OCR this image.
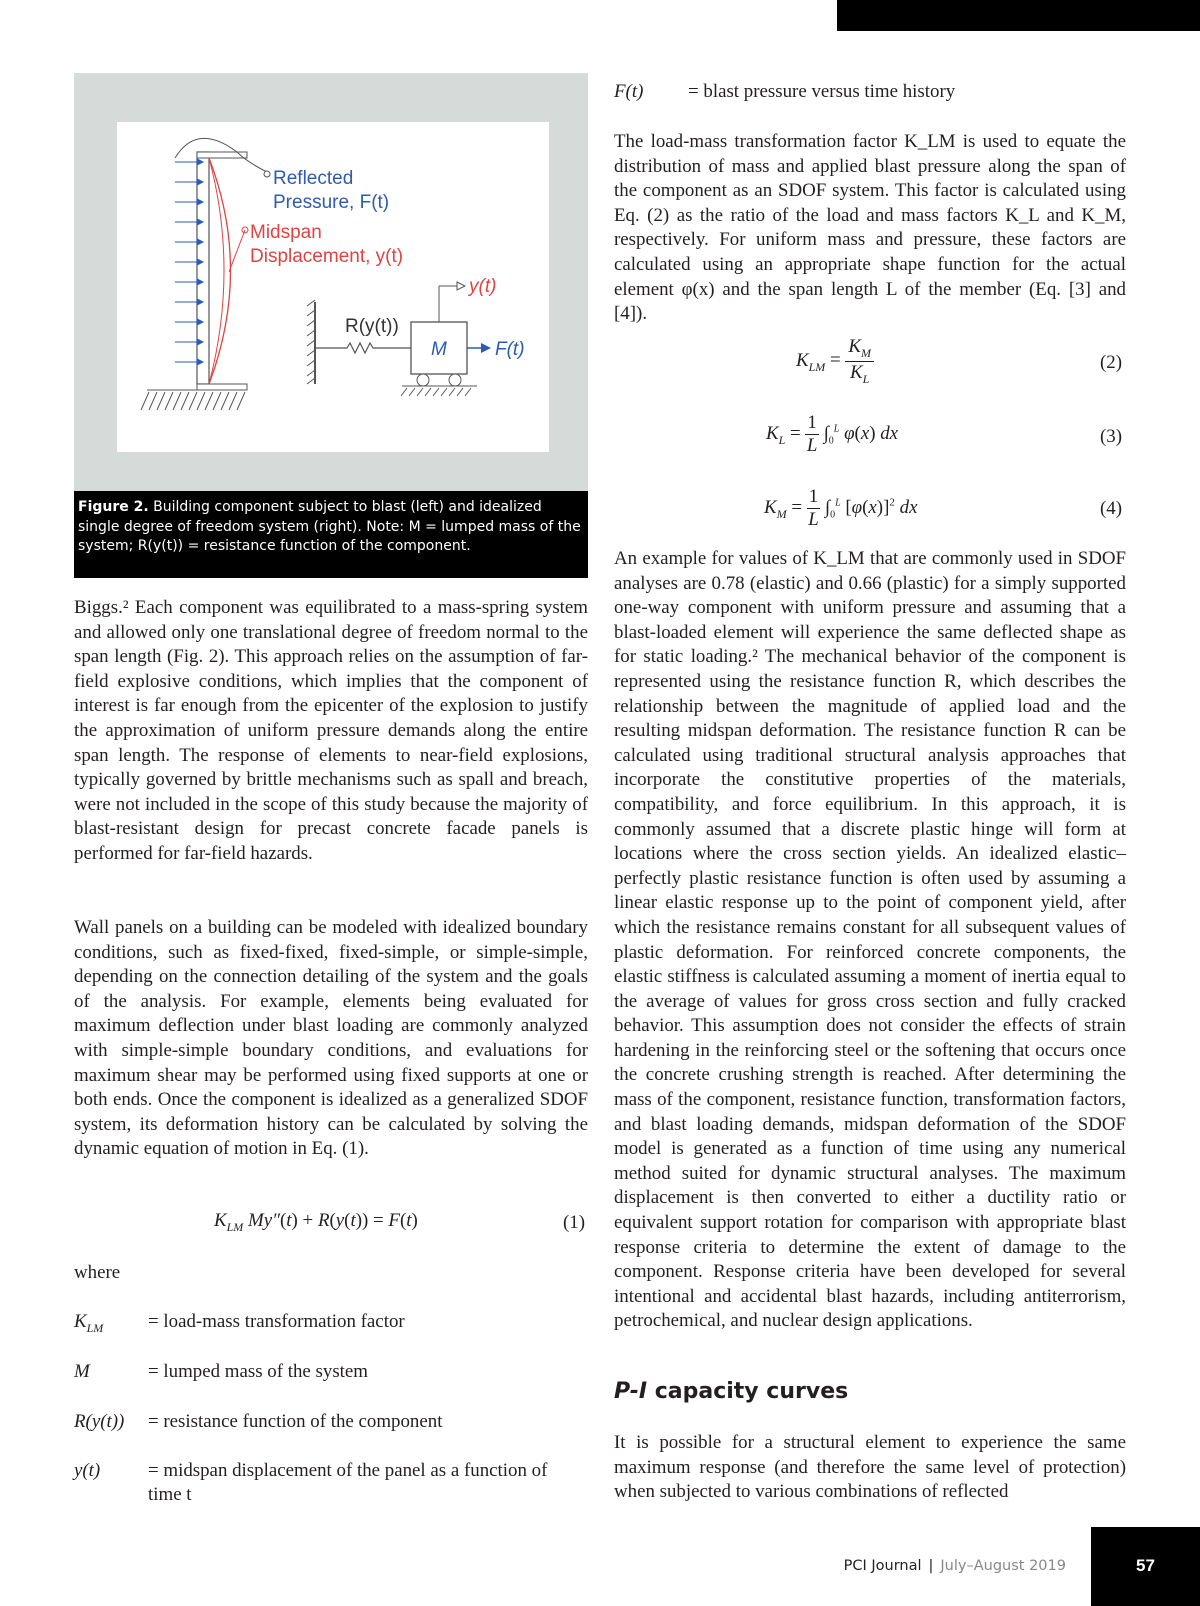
Reflected
Pressure, F(t)
Midspan
Displacement, y(t)
R(y(t))
M
y(t)
F(t)
Figure 2. Building component subject to blast (left) and idealized single degree of freedom system (right). Note: M = lumped mass of the system; R(y(t)) = resistance function of the component.

Biggs.² Each component was equilibrated to a mass-spring system and allowed only one translational degree of freedom normal to the span length (Fig. 2). This approach relies on the assumption of far-field explosive conditions, which implies that the component of interest is far enough from the epicenter of the explosion to justify the approximation of uniform pressure demands along the entire span length. The response of elements to near-field explosions, typically governed by brittle mechanisms such as spall and breach, were not included in the scope of this study because the majority of blast-resistant design for precast concrete facade panels is performed for far-field hazards.

Wall panels on a building can be modeled with idealized boundary conditions, such as fixed-fixed, fixed-simple, or simple-simple, depending on the connection detailing of the system and the goals of the analysis. For example, elements being evaluated for maximum deflection under blast loading are commonly analyzed with simple-simple boundary conditions, and evaluations for maximum shear may be performed using fixed supports at one or both ends. Once the component is idealized as a generalized SDOF system, its deformation history can be calculated by solving the dynamic equation of motion in Eq. (1).

$K_{LM}$ My″(t) + R(y(t)) = F(t)	(1)
where
$K_{LM}$ = load-mass transformation factor
M	= lumped mass of the system
R(y(t)) = resistance function of the component
y(t)	= midspan displacement of the panel as a function of
time t
F(t) = blast pressure versus time history

The load-mass transformation factor K_LM is used to equate the distribution of mass and applied blast pressure along the span of the component as an SDOF system. This factor is calculated using Eq. (2) as the ratio of the load and mass factors K_L and K_M, respectively. For uniform mass and pressure, these factors are calculated using an appropriate shape function for the actual element φ(x) and the span length L of the member (Eq. [3] and [4]).

$K_{LM} = \frac{K_M}{K_L}$	(2)
$K_L = \frac{1}{L} \int_0^L$ φ(x) dx	(3)
$K_M = \frac{1}{L} \int_0^L$ $[\varphi(x)]^2$ dx	(4)

An example for values of K_LM that are commonly used in SDOF analyses are 0.78 (elastic) and 0.66 (plastic) for a simply supported one-way component with uniform pressure and assuming that a blast-loaded element will experience the same deflected shape as for static loading.² The mechanical behavior of the component is represented using the resistance function R, which describes the relationship between the magnitude of applied load and the resulting midspan deformation. The resistance function R can be calculated using traditional structural analysis approaches that incorporate the constitutive properties of the materials, compatibility, and force equilibrium. In this approach, it is commonly assumed that a discrete plastic hinge will form at locations where the cross section yields. An idealized elastic–perfectly plastic resistance function is often used by assuming a linear elastic response up to the point of component yield, after which the resistance remains constant for all subsequent values of plastic deformation. For reinforced concrete components, the elastic stiffness is calculated assuming a moment of inertia equal to the average of values for gross cross section and fully cracked behavior. This assumption does not consider the effects of strain hardening in the reinforcing steel or the softening that occurs once the concrete crushing strength is reached. After determining the mass of the component, resistance function, transformation factors, and blast loading demands, midspan deformation of the SDOF model is generated as a function of time using any numerical method suited for dynamic structural analyses. The maximum displacement is then converted to either a ductility ratio or equivalent support rotation for comparison with appropriate blast response criteria to determine the extent of damage to the component. Response criteria have been developed for several intentional and accidental blast hazards, including antiterrorism, petrochemical, and nuclear design applications.

P-I capacity curves

It is possible for a structural element to experience the same maximum response (and therefore the same level of protection) when subjected to various combinations of reflected

PCI Journal | July–August 2019	57
